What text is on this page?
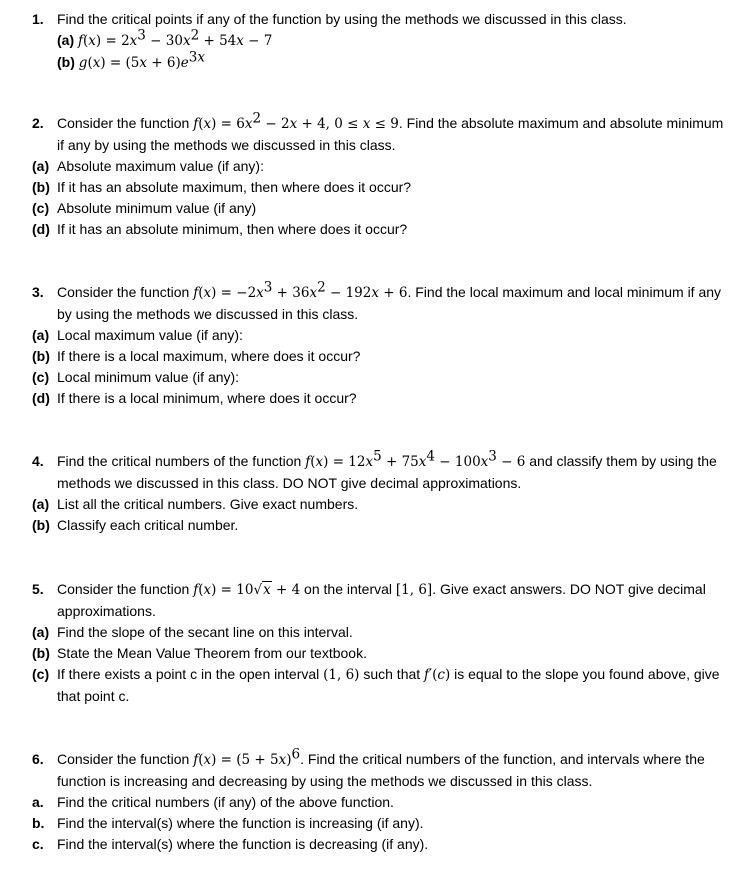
1. Find the critical points if any of the function by using the methods we discussed in this class.
(a) $f(x) = 2x^3 - 30x^2 + 54x - 7$
(b) $g(x) = (5x + 6)e^{3x}$
2. Consider the function $f(x) = 6x^2 - 2x + 4$, 0 ≤ x ≤ 9. Find the absolute maximum and absolute minimum if any by using the methods we discussed in this class.
(a) Absolute maximum value (if any):
(b) If it has an absolute maximum, then where does it occur?
(c) Absolute minimum value (if any)
(d) If it has an absolute minimum, then where does it occur?
3. Consider the function $f(x) = -2x^3 + 36x^2 - 192x + 6$. Find the local maximum and local minimum if any by using the methods we discussed in this class.
(a) Local maximum value (if any):
(b) If there is a local maximum, where does it occur?
(c) Local minimum value (if any):
(d) If there is a local minimum, where does it occur?
4. Find the critical numbers of the function $f(x) = 12x^5 + 75x^4 - 100x^3 - 6$ and classify them by using the methods we discussed in this class. DO NOT give decimal approximations.
(a) List all the critical numbers. Give exact numbers.
(b) Classify each critical number.
5. Consider the function f(x) = 10√x + 4 on the interval [1, 6]. Give exact answers. DO NOT give decimal approximations.
(a) Find the slope of the secant line on this interval.
(b) State the Mean Value Theorem from our textbook.
(c) If there exists a point c in the open interval (1, 6) such that f′(c) is equal to the slope you found above, give that point c.
6. Consider the function $f(x) = (5 + 5x)^6$. Find the critical numbers of the function, and intervals where the function is increasing and decreasing by using the methods we discussed in this class.
a. Find the critical numbers (if any) of the above function.
b. Find the interval(s) where the function is increasing (if any).
c. Find the interval(s) where the function is decreasing (if any).
